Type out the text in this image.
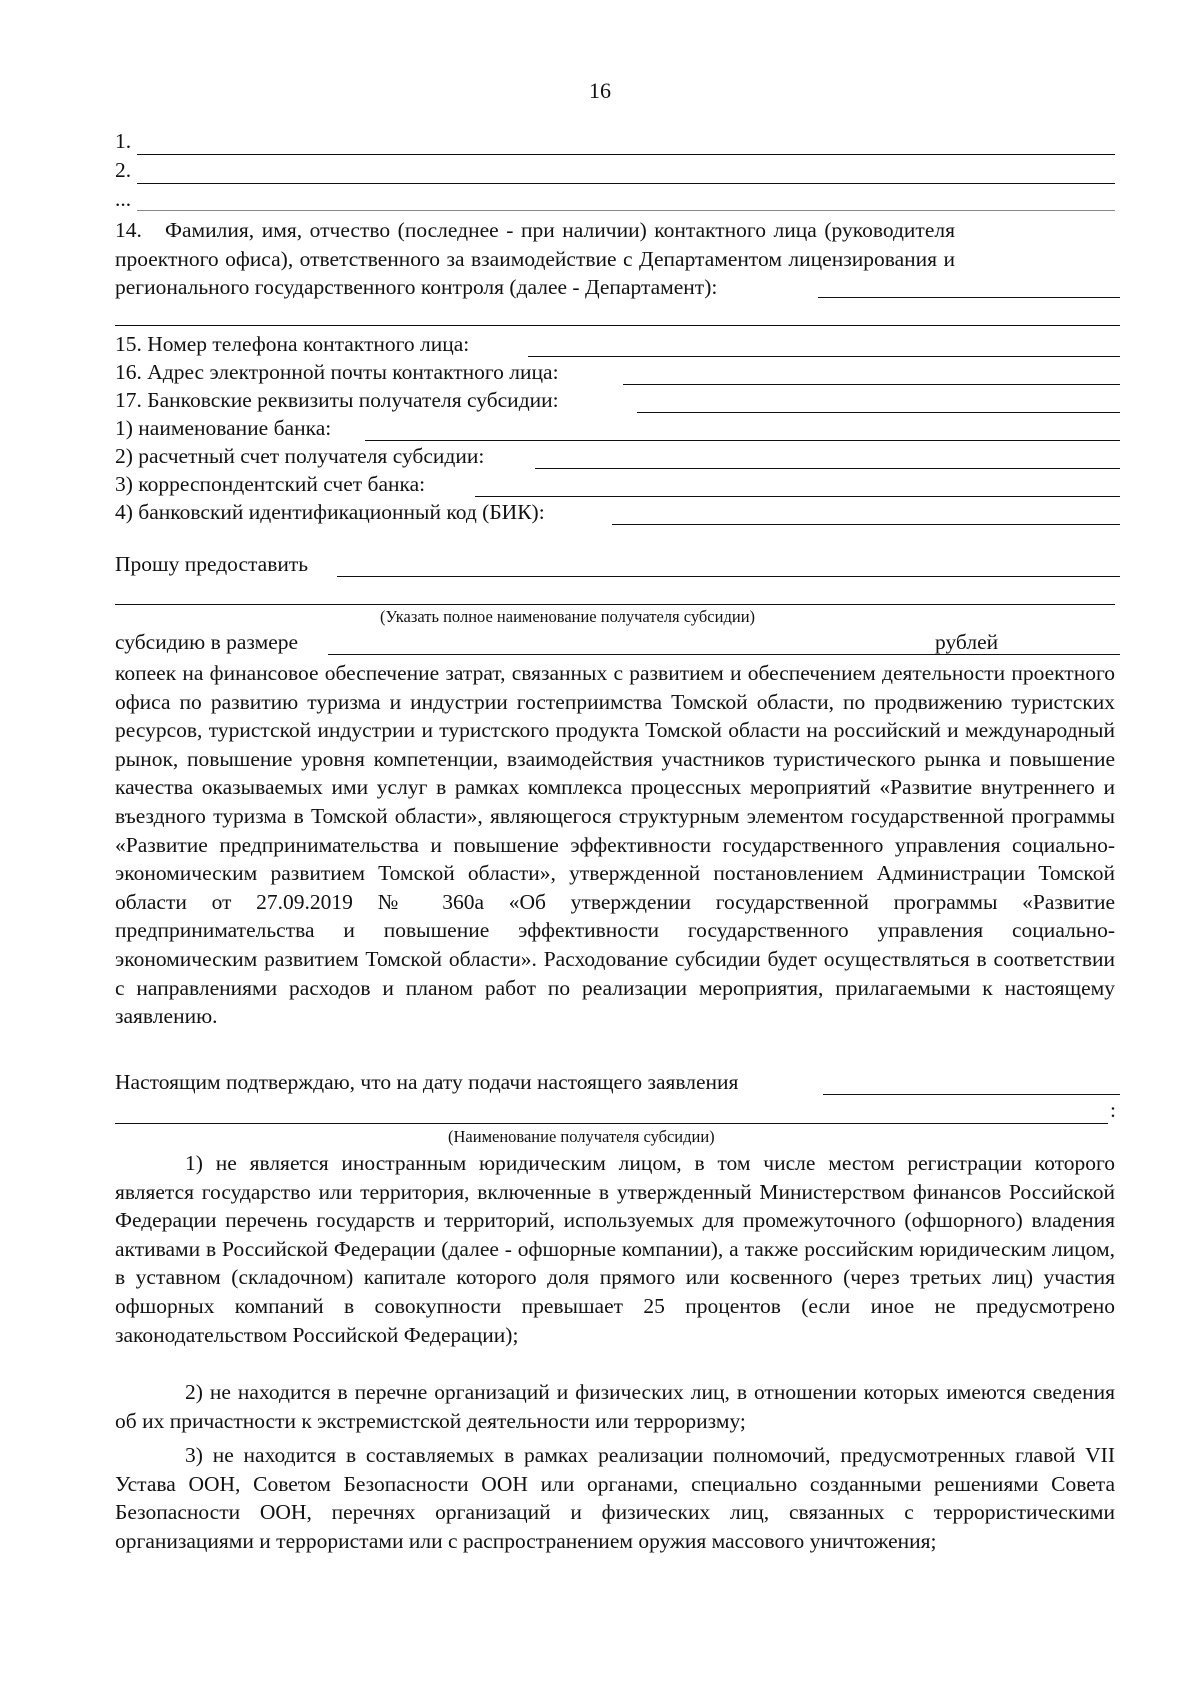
16
1.
2.
...
14. Фамилия, имя, отчество (последнее - при наличии) контактного лица (руководителя проектного офиса), ответственного за взаимодействие с Департаментом лицензирования и регионального государственного контроля (далее - Департамент):
15. Номер телефона контактного лица:
16. Адрес электронной почты контактного лица:
17. Банковские реквизиты получателя субсидии:
1) наименование банка:
2) расчетный счет получателя субсидии:
3) корреспондентский счет банка:
4) банковский идентификационный код (БИК):
Прошу предоставить
(Указать полное наименование получателя субсидии)
субсидию в размере	рублей
копеек на финансовое обеспечение затрат, связанных с развитием и обеспечением деятельности проектного офиса по развитию туризма и индустрии гостеприимства Томской области, по продвижению туристских ресурсов, туристской индустрии и туристского продукта Томской области на российский и международный рынок, повышение уровня компетенции, взаимодействия участников туристического рынка и повышение качества оказываемых ими услуг в рамках комплекса процессных мероприятий «Развитие внутреннего и въездного туризма в Томской области», являющегося структурным элементом государственной программы «Развитие предпринимательства и повышение эффективности государственного управления социально-экономическим развитием Томской области», утвержденной постановлением Администрации Томской области от 27.09.2019 № 360а «Об утверждении государственной программы «Развитие предпринимательства и повышение эффективности государственного управления социально-экономическим развитием Томской области». Расходование субсидии будет осуществляться в соответствии с направлениями расходов и планом работ по реализации мероприятия, прилагаемыми к настоящему заявлению.
Настоящим подтверждаю, что на дату подачи настоящего заявления
:
(Наименование получателя субсидии)
1) не является иностранным юридическим лицом, в том числе местом регистрации которого является государство или территория, включенные в утвержденный Министерством финансов Российской Федерации перечень государств и территорий, используемых для промежуточного (офшорного) владения активами в Российской Федерации (далее - офшорные компании), а также российским юридическим лицом, в уставном (складочном) капитале которого доля прямого или косвенного (через третьих лиц) участия офшорных компаний в совокупности превышает 25 процентов (если иное не предусмотрено законодательством Российской Федерации);
2) не находится в перечне организаций и физических лиц, в отношении которых имеются сведения об их причастности к экстремистской деятельности или терроризму;
3) не находится в составляемых в рамках реализации полномочий, предусмотренных главой VII Устава ООН, Советом Безопасности ООН или органами, специально созданными решениями Совета Безопасности ООН, перечнях организаций и физических лиц, связанных с террористическими организациями и террористами или с распространением оружия массового уничтожения;
